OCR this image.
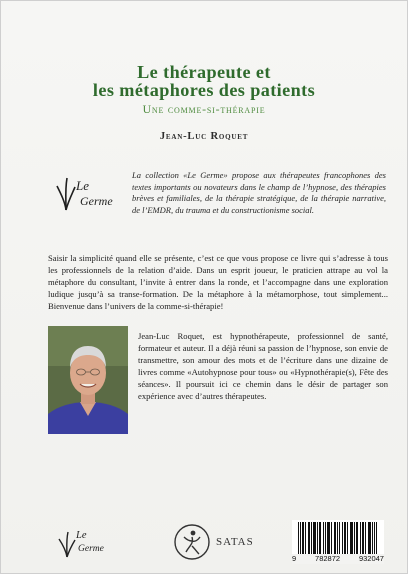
Le thérapeute et
les métaphores des patients
Une comme-si-thérapie
Jean-Luc Roquet
Le
Germe

La collection «Le Germe» propose aux thérapeutes francophones des textes importants ou novateurs dans le champ de l’hypnose, des thérapies brèves et familiales, de la thérapie stratégique, de la thérapie narrative, de l’EMDR, du trauma et du constructionisme social.

Saisir la simplicité quand elle se présente, c’est ce que vous propose ce livre qui s’adresse à tous les professionnels de la relation d’aide. Dans un esprit joueur, le praticien attrape au vol la métaphore du consultant, l’invite à entrer dans la ronde, et l’accompagne dans une exploration ludique jusqu’à sa transe-formation. De la métaphore à la métamorphose, tout simplement... Bienvenue dans l’univers de la comme-si-thérapie!

Jean-Luc Roquet, est hypnothérapeute, professionnel de santé, formateur et auteur. Il a déjà réuni sa passion de l’hypnose, son envie de transmettre, son amour des mots et de l’écriture dans une dizaine de livres comme «Autohypnose pour tous» ou «Hypnothérapie(s), Fête des séances». Il poursuit ici ce chemin dans le désir de partager son expérience avec d’autres thérapeutes.

Le
Germe
SATAS
9	782872	932047
